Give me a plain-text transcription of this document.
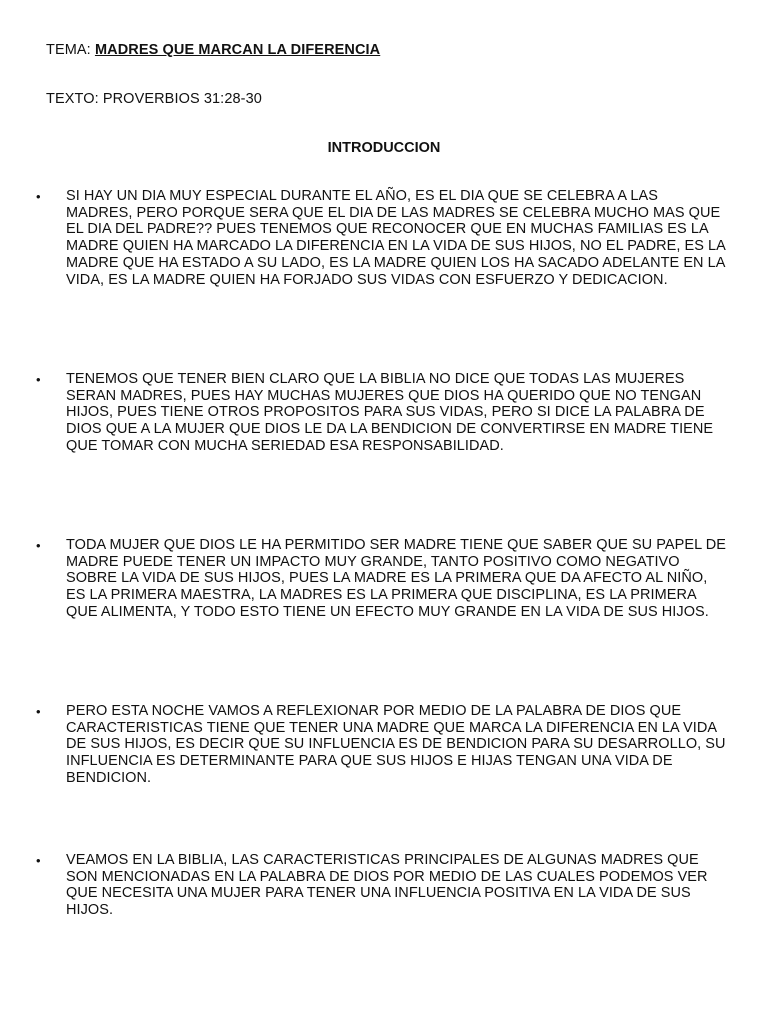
TEMA: MADRES QUE MARCAN LA DIFERENCIA
TEXTO: PROVERBIOS 31:28-30
INTRODUCCION
• SI HAY UN DIA MUY ESPECIAL DURANTE EL AÑO, ES EL DIA QUE SE CELEBRA A LAS MADRES, PERO PORQUE SERA QUE EL DIA DE LAS MADRES SE CELEBRA MUCHO MAS QUE EL DIA DEL PADRE?? PUES TENEMOS QUE RECONOCER QUE EN MUCHAS FAMILIAS ES LA MADRE QUIEN HA MARCADO LA DIFERENCIA EN LA VIDA DE SUS HIJOS, NO EL PADRE, ES LA MADRE QUE HA ESTADO A SU LADO, ES LA MADRE QUIEN LOS HA SACADO ADELANTE EN LA VIDA, ES LA MADRE QUIEN HA FORJADO SUS VIDAS CON ESFUERZO Y DEDICACION.
• TENEMOS QUE TENER BIEN CLARO QUE LA BIBLIA NO DICE QUE TODAS LAS MUJERES SERAN MADRES, PUES HAY MUCHAS MUJERES QUE DIOS HA QUERIDO QUE NO TENGAN HIJOS, PUES TIENE OTROS PROPOSITOS PARA SUS VIDAS, PERO SI DICE LA PALABRA DE DIOS QUE A LA MUJER QUE DIOS LE DA LA BENDICION DE CONVERTIRSE EN MADRE TIENE QUE TOMAR CON MUCHA SERIEDAD ESA RESPONSABILIDAD.
• TODA MUJER QUE DIOS LE HA PERMITIDO SER MADRE TIENE QUE SABER QUE SU PAPEL DE MADRE PUEDE TENER UN IMPACTO MUY GRANDE, TANTO POSITIVO COMO NEGATIVO SOBRE LA VIDA DE SUS HIJOS, PUES LA MADRE ES LA PRIMERA QUE DA AFECTO AL NIÑO, ES LA PRIMERA MAESTRA, LA MADRES ES LA PRIMERA QUE DISCIPLINA, ES LA PRIMERA QUE ALIMENTA, Y TODO ESTO TIENE UN EFECTO MUY GRANDE EN LA VIDA DE SUS HIJOS.
• PERO ESTA NOCHE VAMOS A REFLEXIONAR POR MEDIO DE LA PALABRA DE DIOS QUE CARACTERISTICAS TIENE QUE TENER UNA MADRE QUE MARCA LA DIFERENCIA EN LA VIDA DE SUS HIJOS, ES DECIR QUE SU INFLUENCIA ES DE BENDICION PARA SU DESARROLLO, SU INFLUENCIA ES DETERMINANTE PARA QUE SUS HIJOS E HIJAS TENGAN UNA VIDA DE BENDICION.
• VEAMOS EN LA BIBLIA, LAS CARACTERISTICAS PRINCIPALES DE ALGUNAS MADRES QUE SON MENCIONADAS EN LA PALABRA DE DIOS POR MEDIO DE LAS CUALES PODEMOS VER QUE NECESITA UNA MUJER PARA TENER UNA INFLUENCIA POSITIVA EN LA VIDA DE SUS HIJOS.
